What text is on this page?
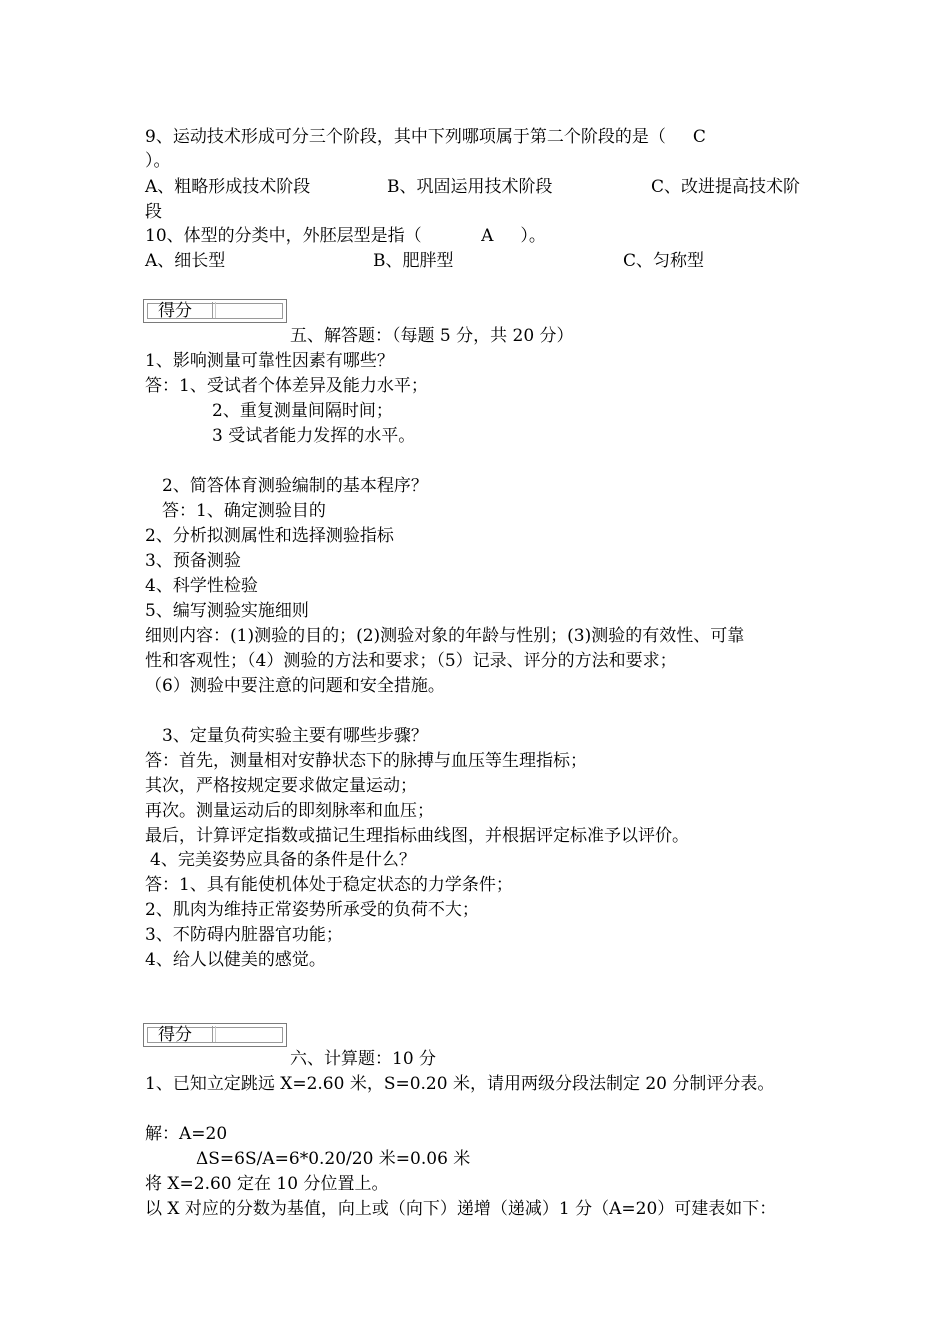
9、运动技术形成可分三个阶段，其中下列哪项属于第二个阶段的是（     C

）。

A、粗略形成技术阶段	B、巩固运用技术阶段	C、改进提高技术阶

段

10、体型的分类中，外胚层型是指（           A     ）。

A、细长型	B、肥胖型	C、匀称型

得分

五、解答题：（每题 5 分，共 20 分）

1、影响测量可靠性因素有哪些？

答：1、受试者个体差异及能力水平；

2、重复测量间隔时间；

3 受试者能力发挥的水平。

2、简答体育测验编制的基本程序？

答：1、确定测验目的

2、分析拟测属性和选择测验指标

3、预备测验

4、科学性检验

5、编写测验实施细则

细则内容：(1)测验的目的；(2)测验对象的年龄与性别；(3)测验的有效性、可靠

性和客观性；（4）测验的方法和要求；（5）记录、评分的方法和要求；

（6）测验中要注意的问题和安全措施。

3、定量负荷实验主要有哪些步骤？

答：首先，测量相对安静状态下的脉搏与血压等生理指标；

其次，严格按规定要求做定量运动；

再次。测量运动后的即刻脉率和血压；

最后，计算评定指数或描记生理指标曲线图，并根据评定标准予以评价。

4、完美姿势应具备的条件是什么？

答：1、具有能使机体处于稳定状态的力学条件；

2、肌肉为维持正常姿势所承受的负荷不大；

3、不防碍内脏器官功能；

4、给人以健美的感觉。

得分

六、计算题：10 分

1、已知立定跳远 X=2.60 米，S=0.20 米，请用两级分段法制定 20 分制评分表。

解：A=20

ΔS=6S/A=6*0.20/20 米=0.06 米

将 X=2.60 定在 10 分位置上。

以 X 对应的分数为基值，向上或（向下）递增（递减）1 分（A=20）可建表如下：
